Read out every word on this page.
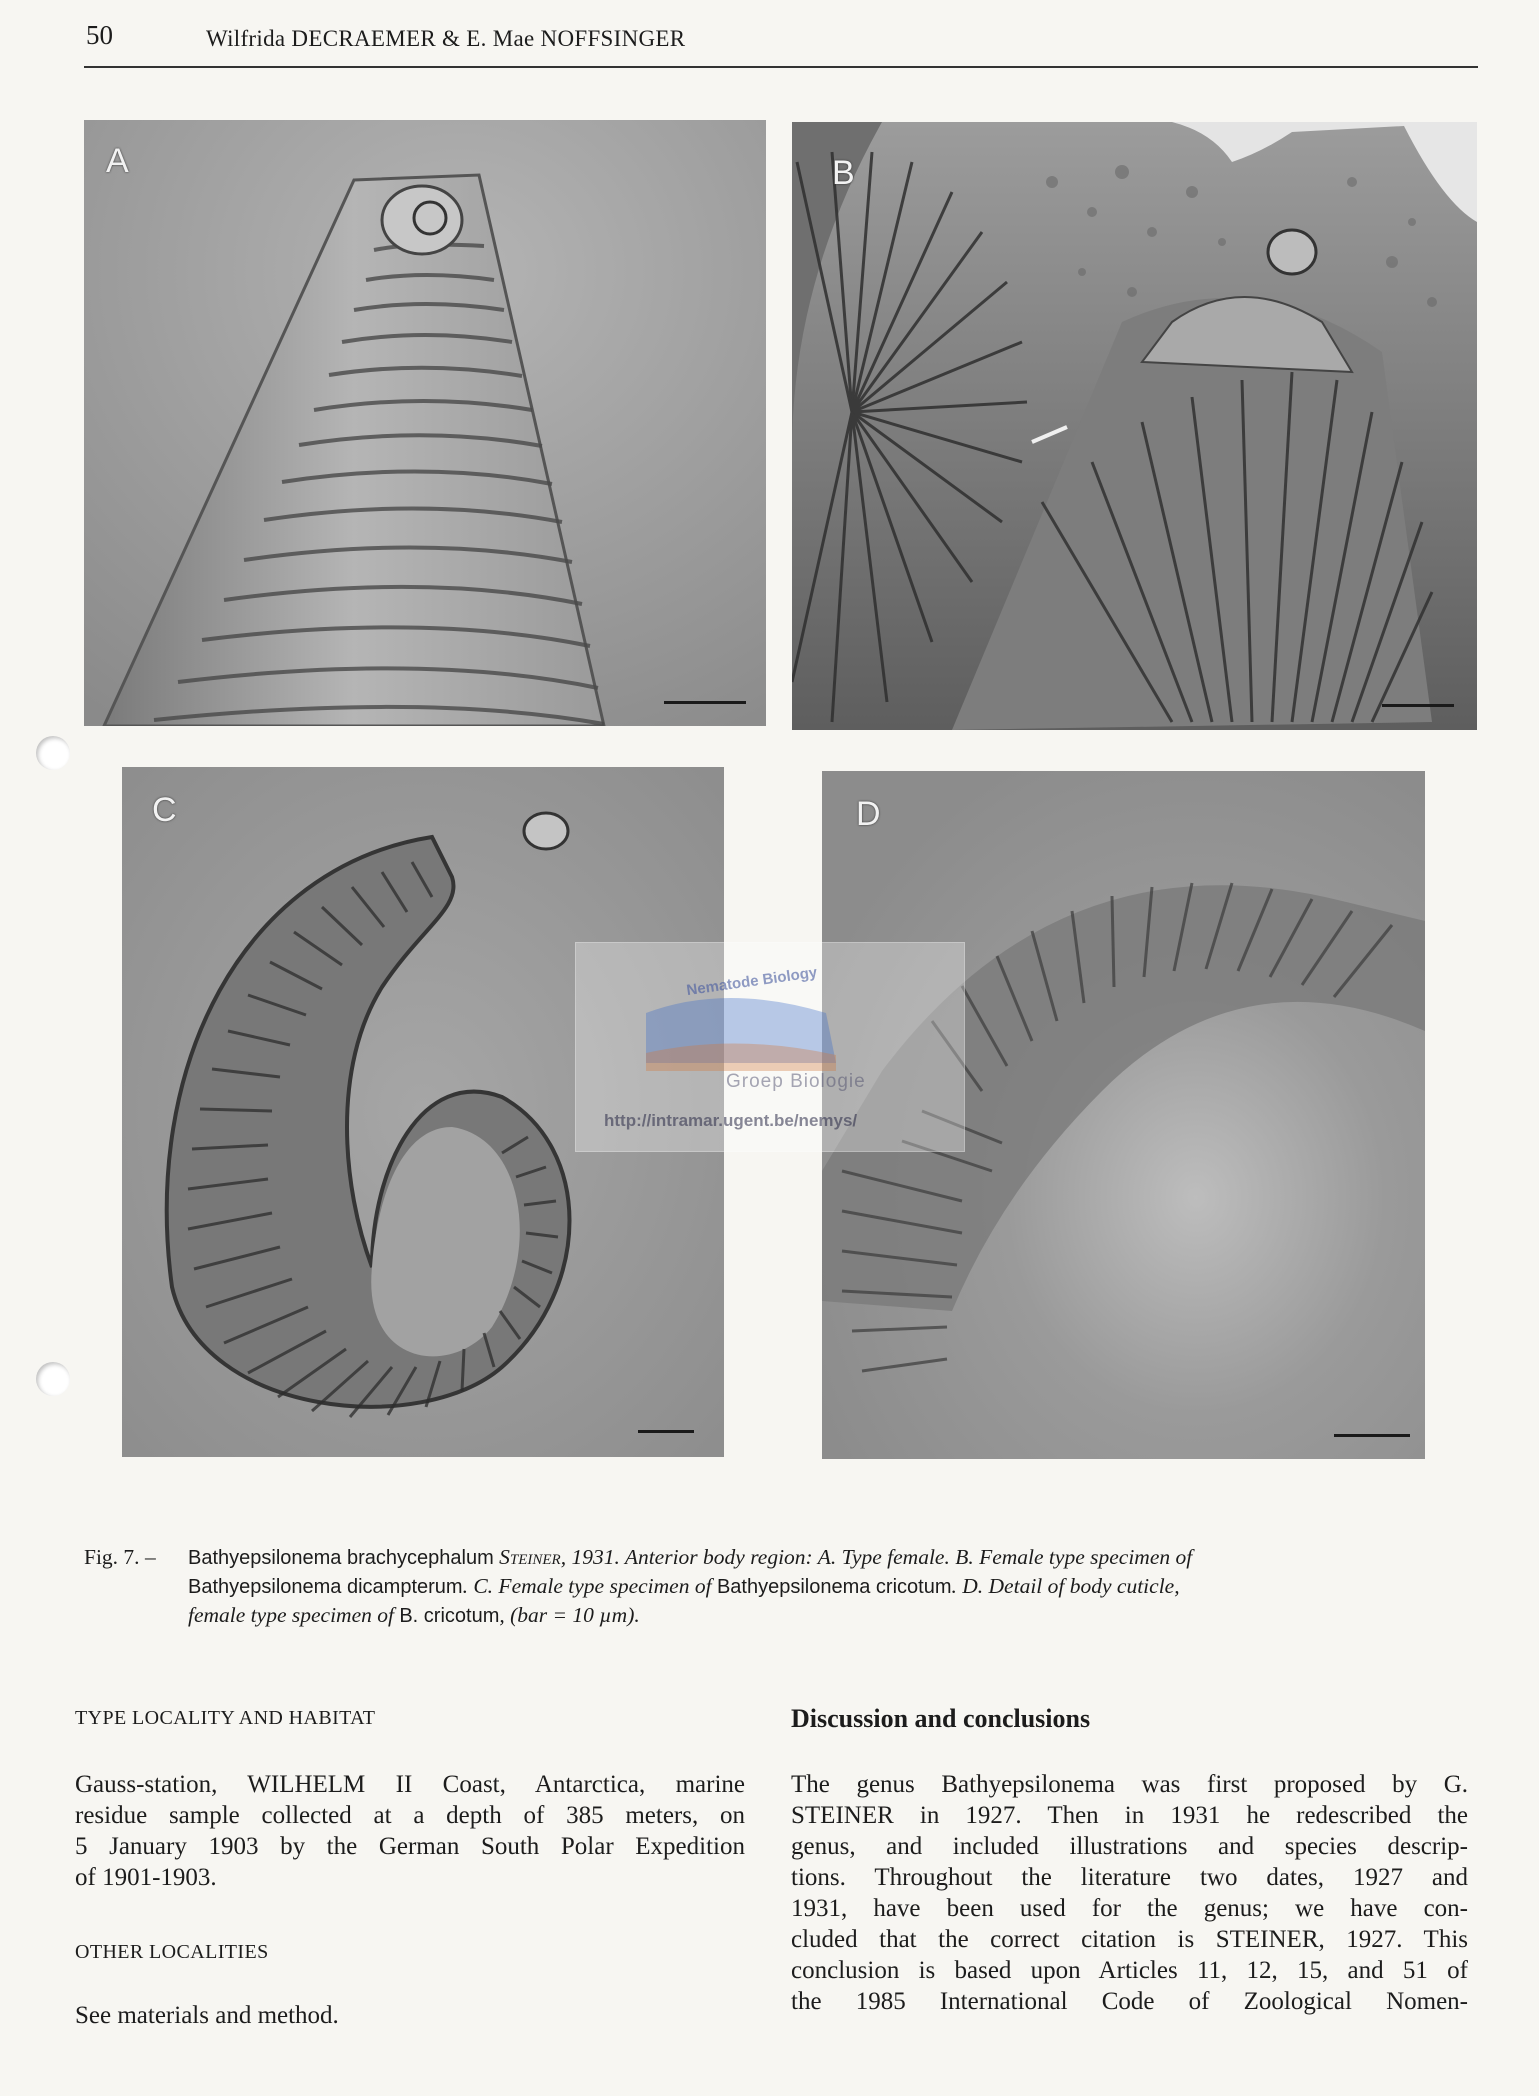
50	Wilfrida DECRAEMER & E. Mae NOFFSINGER
A	B
C	D
Nematode Biology
Groep Biologie
http://intramar.ugent.be/nemys/
Fig. 7. – Bathyepsilonema brachycephalum Steiner, 1931. Anterior body region: A. Type female. B. Female type specimen of
Bathyepsilonema dicampterum. C. Female type specimen of Bathyepsilonema cricotum. D. Detail of body cuticle,
female type specimen of B. cricotum, (bar = 10 µm).
TYPE LOCALITY AND HABITAT
Gauss-station, WILHELM II Coast, Antarctica, marine
residue sample collected at a depth of 385 meters, on
5 January 1903 by the German South Polar Expedition
of 1901-1903.
OTHER LOCALITIES
See materials and method.
Discussion and conclusions
The genus Bathyepsilonema was first proposed by G.
STEINER in 1927. Then in 1931 he redescribed the
genus, and included illustrations and species descrip-
tions. Throughout the literature two dates, 1927 and
1931, have been used for the genus; we have con-
cluded that the correct citation is STEINER, 1927. This
conclusion is based upon Articles 11, 12, 15, and 51 of
the 1985 International Code of Zoological Nomen-
